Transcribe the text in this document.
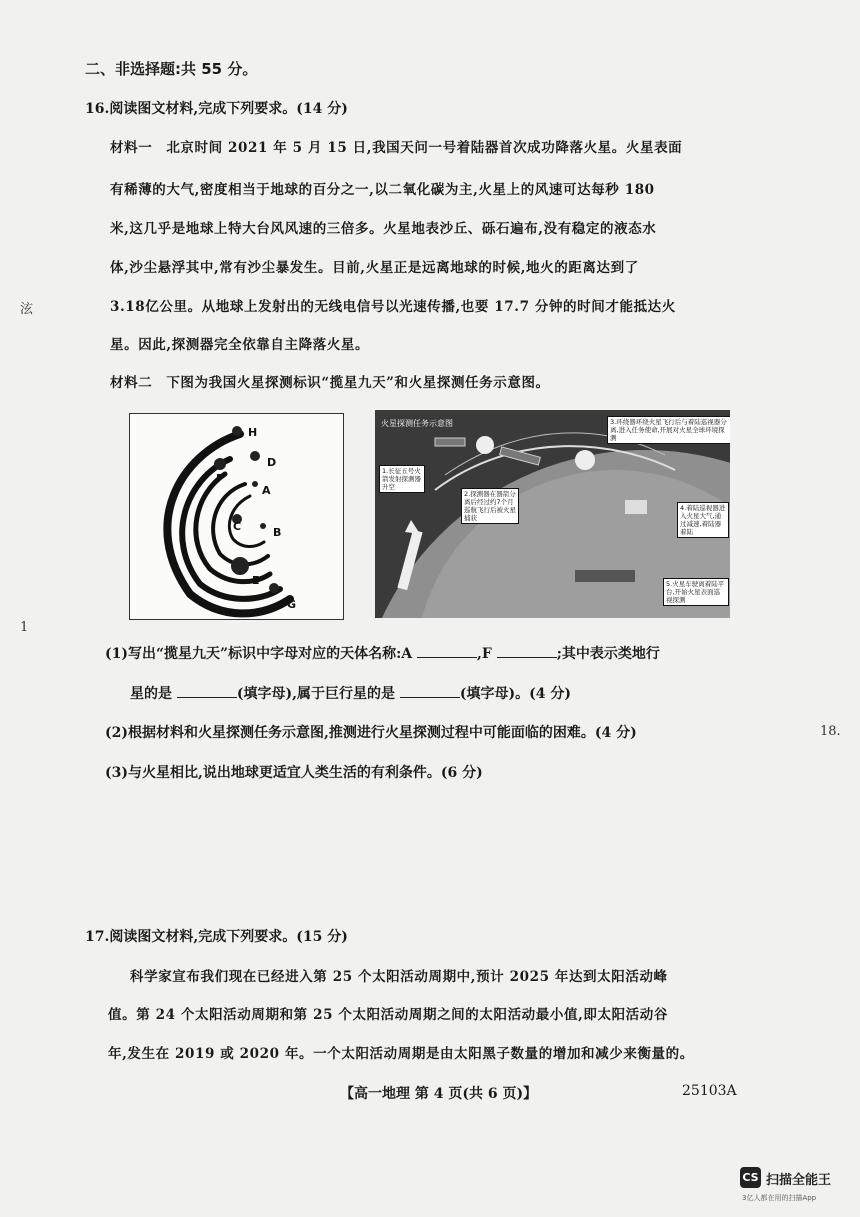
二、非选择题:共 55 分。
16.阅读图文材料,完成下列要求。(14 分)
材料一 北京时间 2021 年 5 月 15 日,我国天问一号着陆器首次成功降落火星。火星表面
有稀薄的大气,密度相当于地球的百分之一,以二氧化碳为主,火星上的风速可达每秒 180
米,这几乎是地球上特大台风风速的三倍多。火星地表沙丘、砾石遍布,没有稳定的液态水
体,沙尘悬浮其中,常有沙尘暴发生。目前,火星正是远离地球的时候,地火的距离达到了
3.18亿公里。从地球上发射出的无线电信号以光速传播,也要 17.7 分钟的时间才能抵达火
星。因此,探测器完全依靠自主降落火星。
材料二 下图为我国火星探测标识“揽星九天”和火星探测任务示意图。
H
D
F
A
C	B
E
G
火星探测任务示意图
1.长征五号火箭发射探测器升空
2.探测器在器箭分离后经过约7个月巡航飞行后被火星捕获
3.环绕器环绕火星飞行后与着陆巡视器分离,进入任务使命,开展对火星全球环境探测
4.着陆巡视器进入火星大气,通过减速,着陆器着陆
5.火星车驶离着陆平台,开始火星表面巡视探测
(1)写出“揽星九天”标识中字母对应的天体名称:A	,F	;其中表示类地行
星的是	(填字母),属于巨行星的是	(填字母)。(4 分)
(2)根据材料和火星探测任务示意图,推测进行火星探测过程中可能面临的困难。(4 分)
(3)与火星相比,说出地球更适宜人类生活的有利条件。(6 分)
17.阅读图文材料,完成下列要求。(15 分)
科学家宣布我们现在已经进入第 25 个太阳活动周期中,预计 2025 年达到太阳活动峰
值。第 24 个太阳活动周期和第 25 个太阳活动周期之间的太阳活动最小值,即太阳活动谷
年,发生在 2019 或 2020 年。一个太阳活动周期是由太阳黑子数量的增加和减少来衡量的。
【高一地理 第 4 页(共 6 页)】	25103A
泫
1
18.
CS 扫描全能王
3亿人都在用的扫描App
